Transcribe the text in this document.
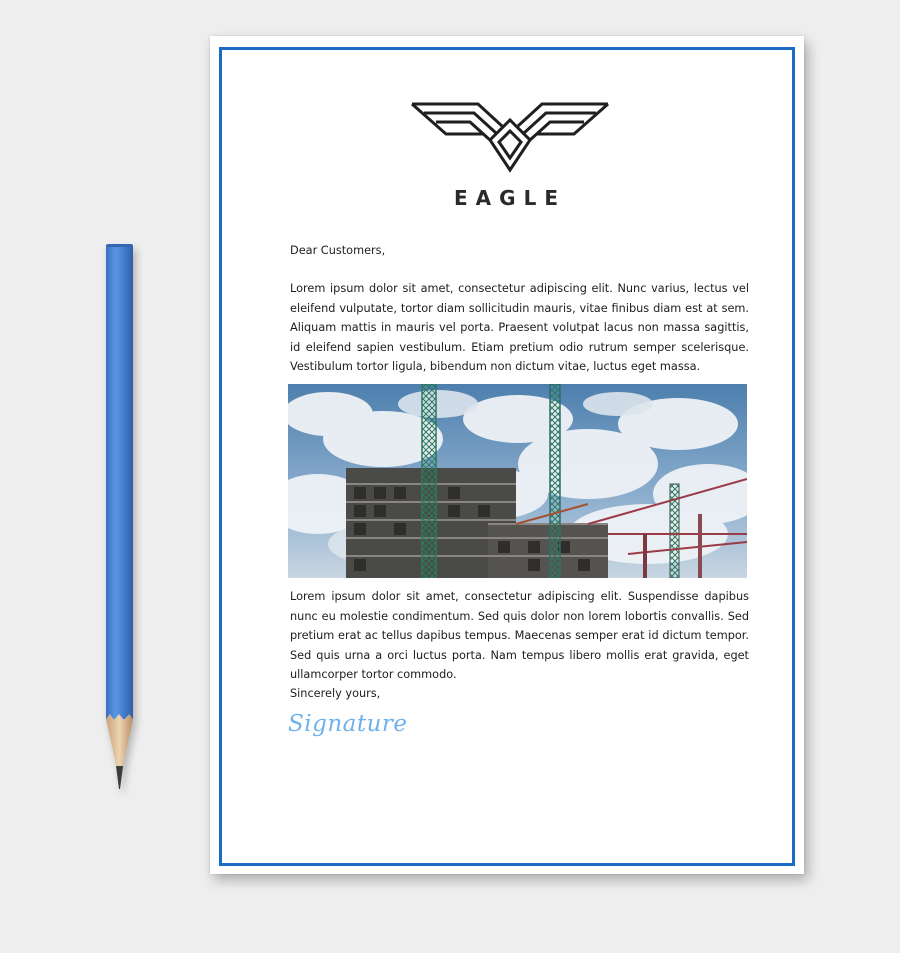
EAGLE

Dear Customers,

Lorem ipsum dolor sit amet, consectetur adipiscing elit. Nunc varius, lectus vel eleifend vulputate, tortor diam sollicitudin mauris, vitae finibus diam est at sem. Aliquam mattis in mauris vel porta. Praesent volutpat lacus non massa sagittis, id eleifend sapien vestibulum. Etiam pretium odio rutrum semper scelerisque. Vestibulum tortor ligula, bibendum non dictum vitae, luctus eget massa.

Lorem ipsum dolor sit amet, consectetur adipiscing elit. Suspendisse dapibus nunc eu molestie condimentum. Sed quis dolor non lorem lobortis convallis. Sed pretium erat ac tellus dapibus tempus. Maecenas semper erat id dictum tempor. Sed quis urna a orci luctus porta. Nam tempus libero mollis erat gravida, eget ullamcorper tortor commodo.

Sincerely yours,

Signature
